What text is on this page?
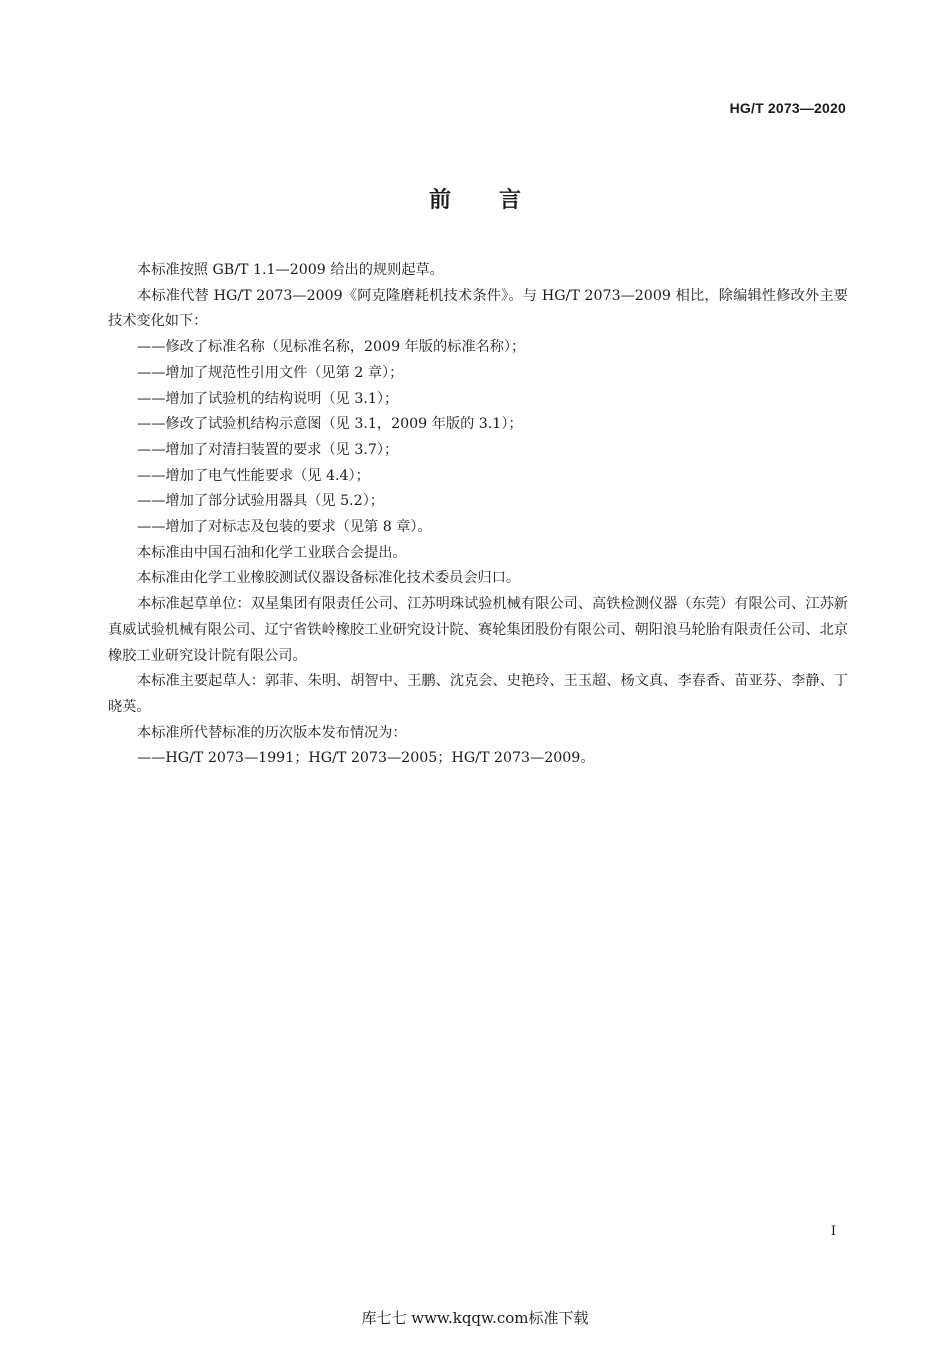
HG/T 2073—2020
前 言

本标准按照 GB/T 1.1—2009 给出的规则起草。

本标准代替 HG/T 2073—2009《阿克隆磨耗机技术条件》。与 HG/T 2073—2009 相比，除编辑性修改外主要技术变化如下：

——修改了标准名称（见标准名称，2009 年版的标准名称）；

——增加了规范性引用文件（见第 2 章）；

——增加了试验机的结构说明（见 3.1）；

——修改了试验机结构示意图（见 3.1，2009 年版的 3.1）；

——增加了对清扫装置的要求（见 3.7）；

——增加了电气性能要求（见 4.4）；

——增加了部分试验用器具（见 5.2）；

——增加了对标志及包装的要求（见第 8 章）。

本标准由中国石油和化学工业联合会提出。

本标准由化学工业橡胶测试仪器设备标准化技术委员会归口。

本标准起草单位：双星集团有限责任公司、江苏明珠试验机械有限公司、高铁检测仪器（东莞）有限公司、江苏新真威试验机械有限公司、辽宁省铁岭橡胶工业研究设计院、赛轮集团股份有限公司、朝阳浪马轮胎有限责任公司、北京橡胶工业研究设计院有限公司。

本标准主要起草人：郭菲、朱明、胡智中、王鹏、沈克会、史艳玲、王玉超、杨文真、李春香、苗亚芬、李静、丁晓英。

本标准所代替标准的历次版本发布情况为：

——HG/T 2073—1991；HG/T 2073—2005；HG/T 2073—2009。

I
库七七 www.kqqw.com标准下载
